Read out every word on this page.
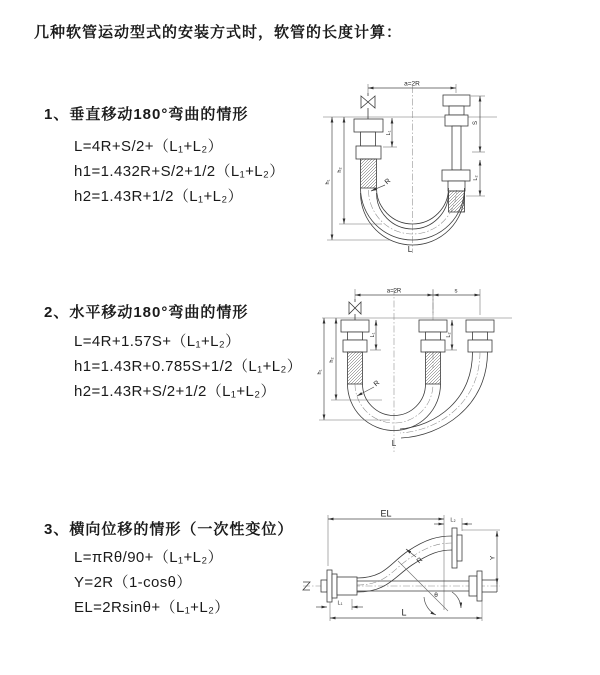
几种软管运动型式的安装方式时，软管的长度计算：
1、垂直移动180°弯曲的情形
L=4R+S/2+（L₁+L₂）
h1=1.432R+S/2+1/2（L₁+L₂）
h2=1.43R+1/2（L₁+L₂）
2、水平移动180°弯曲的情形
L=4R+1.57S+（L₁+L₂）
h1=1.43R+0.785S+1/2（L₁+L₂）
h2=1.43R+S/2+1/2（L₁+L₂）
3、横向位移的情形（一次性变位）
L=πRθ/90+（L₁+L₂）
Y=2R（1-cosθ）
EL=2Rsinθ+（L₁+L₂）
a=2R
h₁
h₂
L₁
S
L₂
R
L
a=2R	s
h₁
h₂
L₁	L₂
R
L
EL
L₂
Y
θ
R
L₁
L
